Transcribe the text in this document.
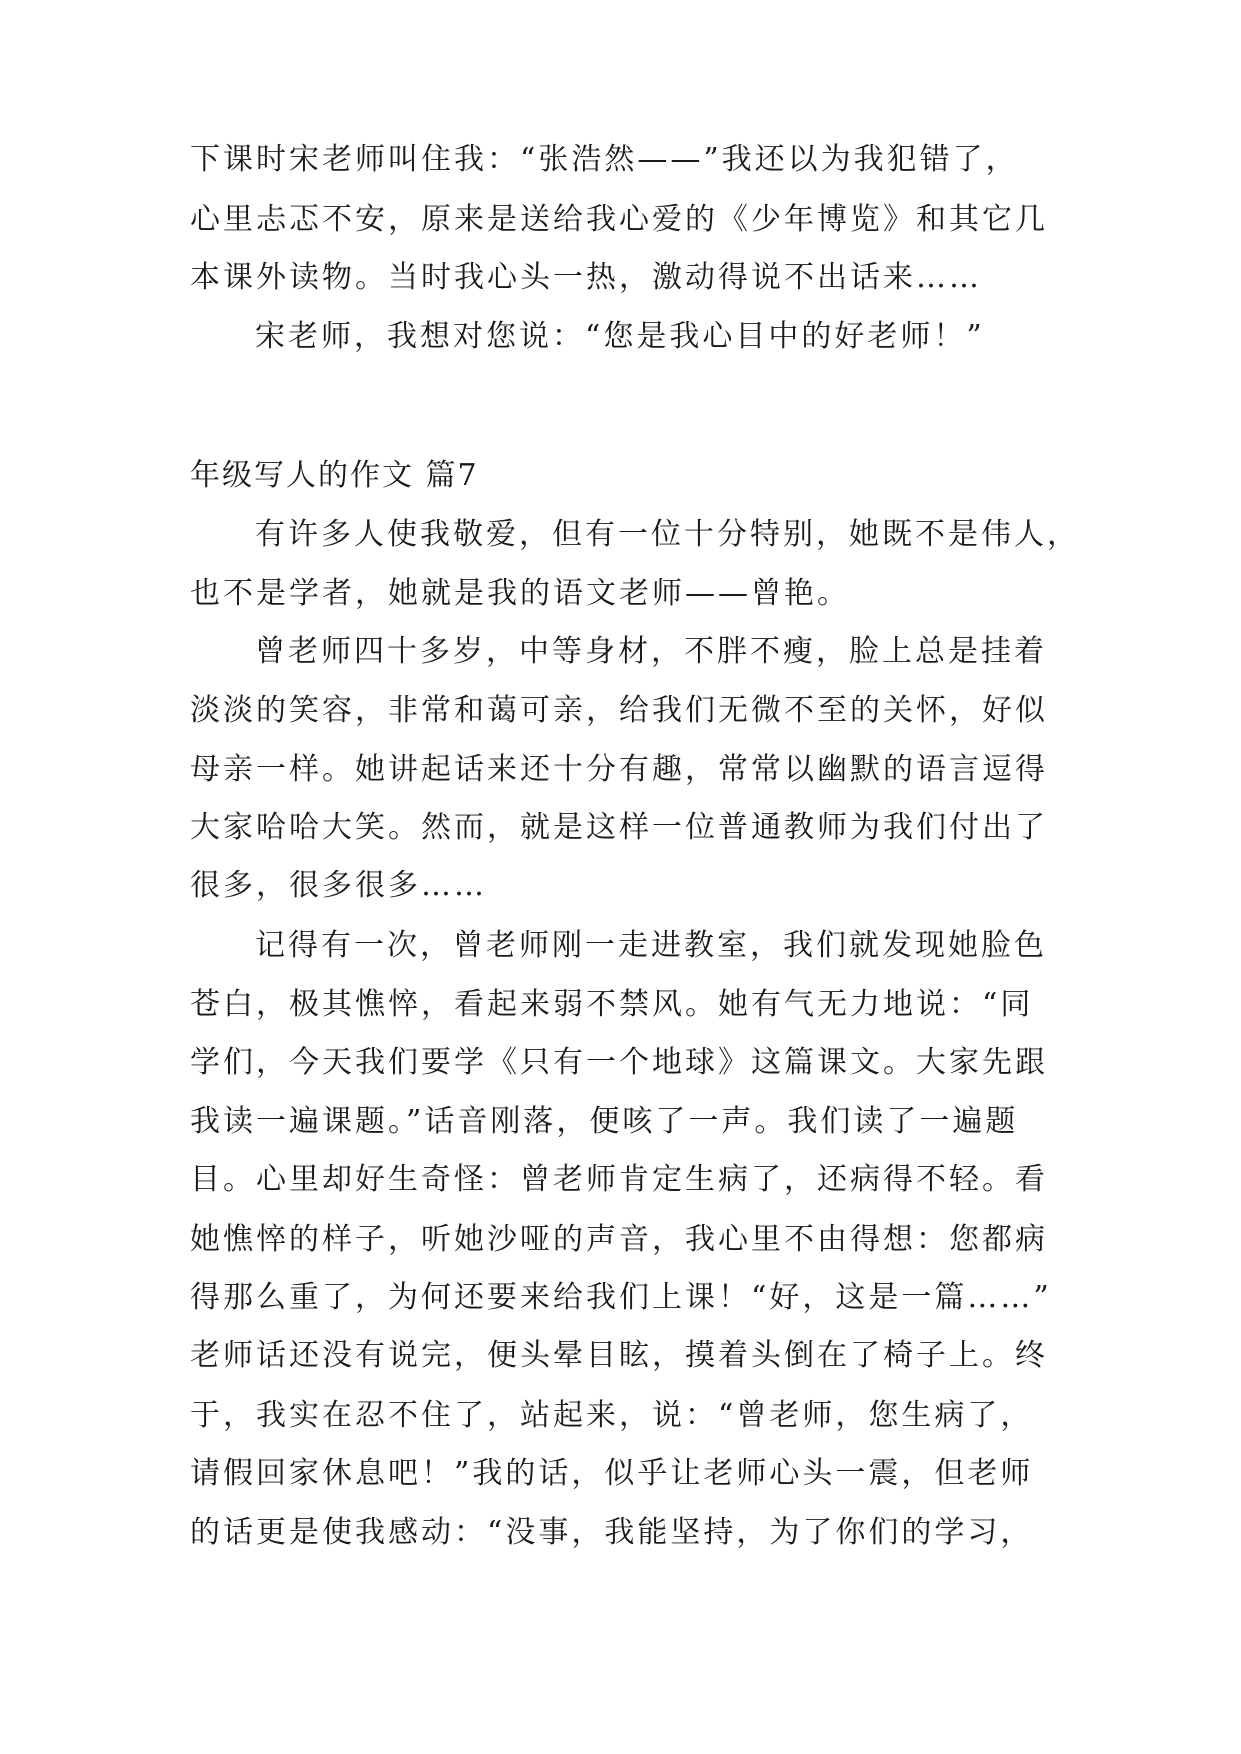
下课时宋老师叫住我：“张浩然——”我还以为我犯错了，
心里忐忑不安，原来是送给我心爱的《少年博览》和其它几
本课外读物。当时我心头一热，激动得说不出话来……
宋老师，我想对您说：“您是我心目中的好老师！”
年级写人的作文 篇7
有许多人使我敬爱，但有一位十分特别，她既不是伟人，
也不是学者，她就是我的语文老师——曾艳。
曾老师四十多岁，中等身材，不胖不瘦，脸上总是挂着
淡淡的笑容，非常和蔼可亲，给我们无微不至的关怀，好似
母亲一样。她讲起话来还十分有趣，常常以幽默的语言逗得
大家哈哈大笑。然而，就是这样一位普通教师为我们付出了
很多，很多很多……
记得有一次，曾老师刚一走进教室，我们就发现她脸色
苍白，极其憔悴，看起来弱不禁风。她有气无力地说：“同
学们，今天我们要学《只有一个地球》这篇课文。大家先跟
我读一遍课题。”话音刚落，便咳了一声。我们读了一遍题
目。心里却好生奇怪：曾老师肯定生病了，还病得不轻。看
她憔悴的样子，听她沙哑的声音，我心里不由得想：您都病
得那么重了，为何还要来给我们上课！“好，这是一篇……”
老师话还没有说完，便头晕目眩，摸着头倒在了椅子上。终
于，我实在忍不住了，站起来，说：“曾老师，您生病了，
请假回家休息吧！”我的话，似乎让老师心头一震，但老师
的话更是使我感动：“没事，我能坚持，为了你们的学习，
